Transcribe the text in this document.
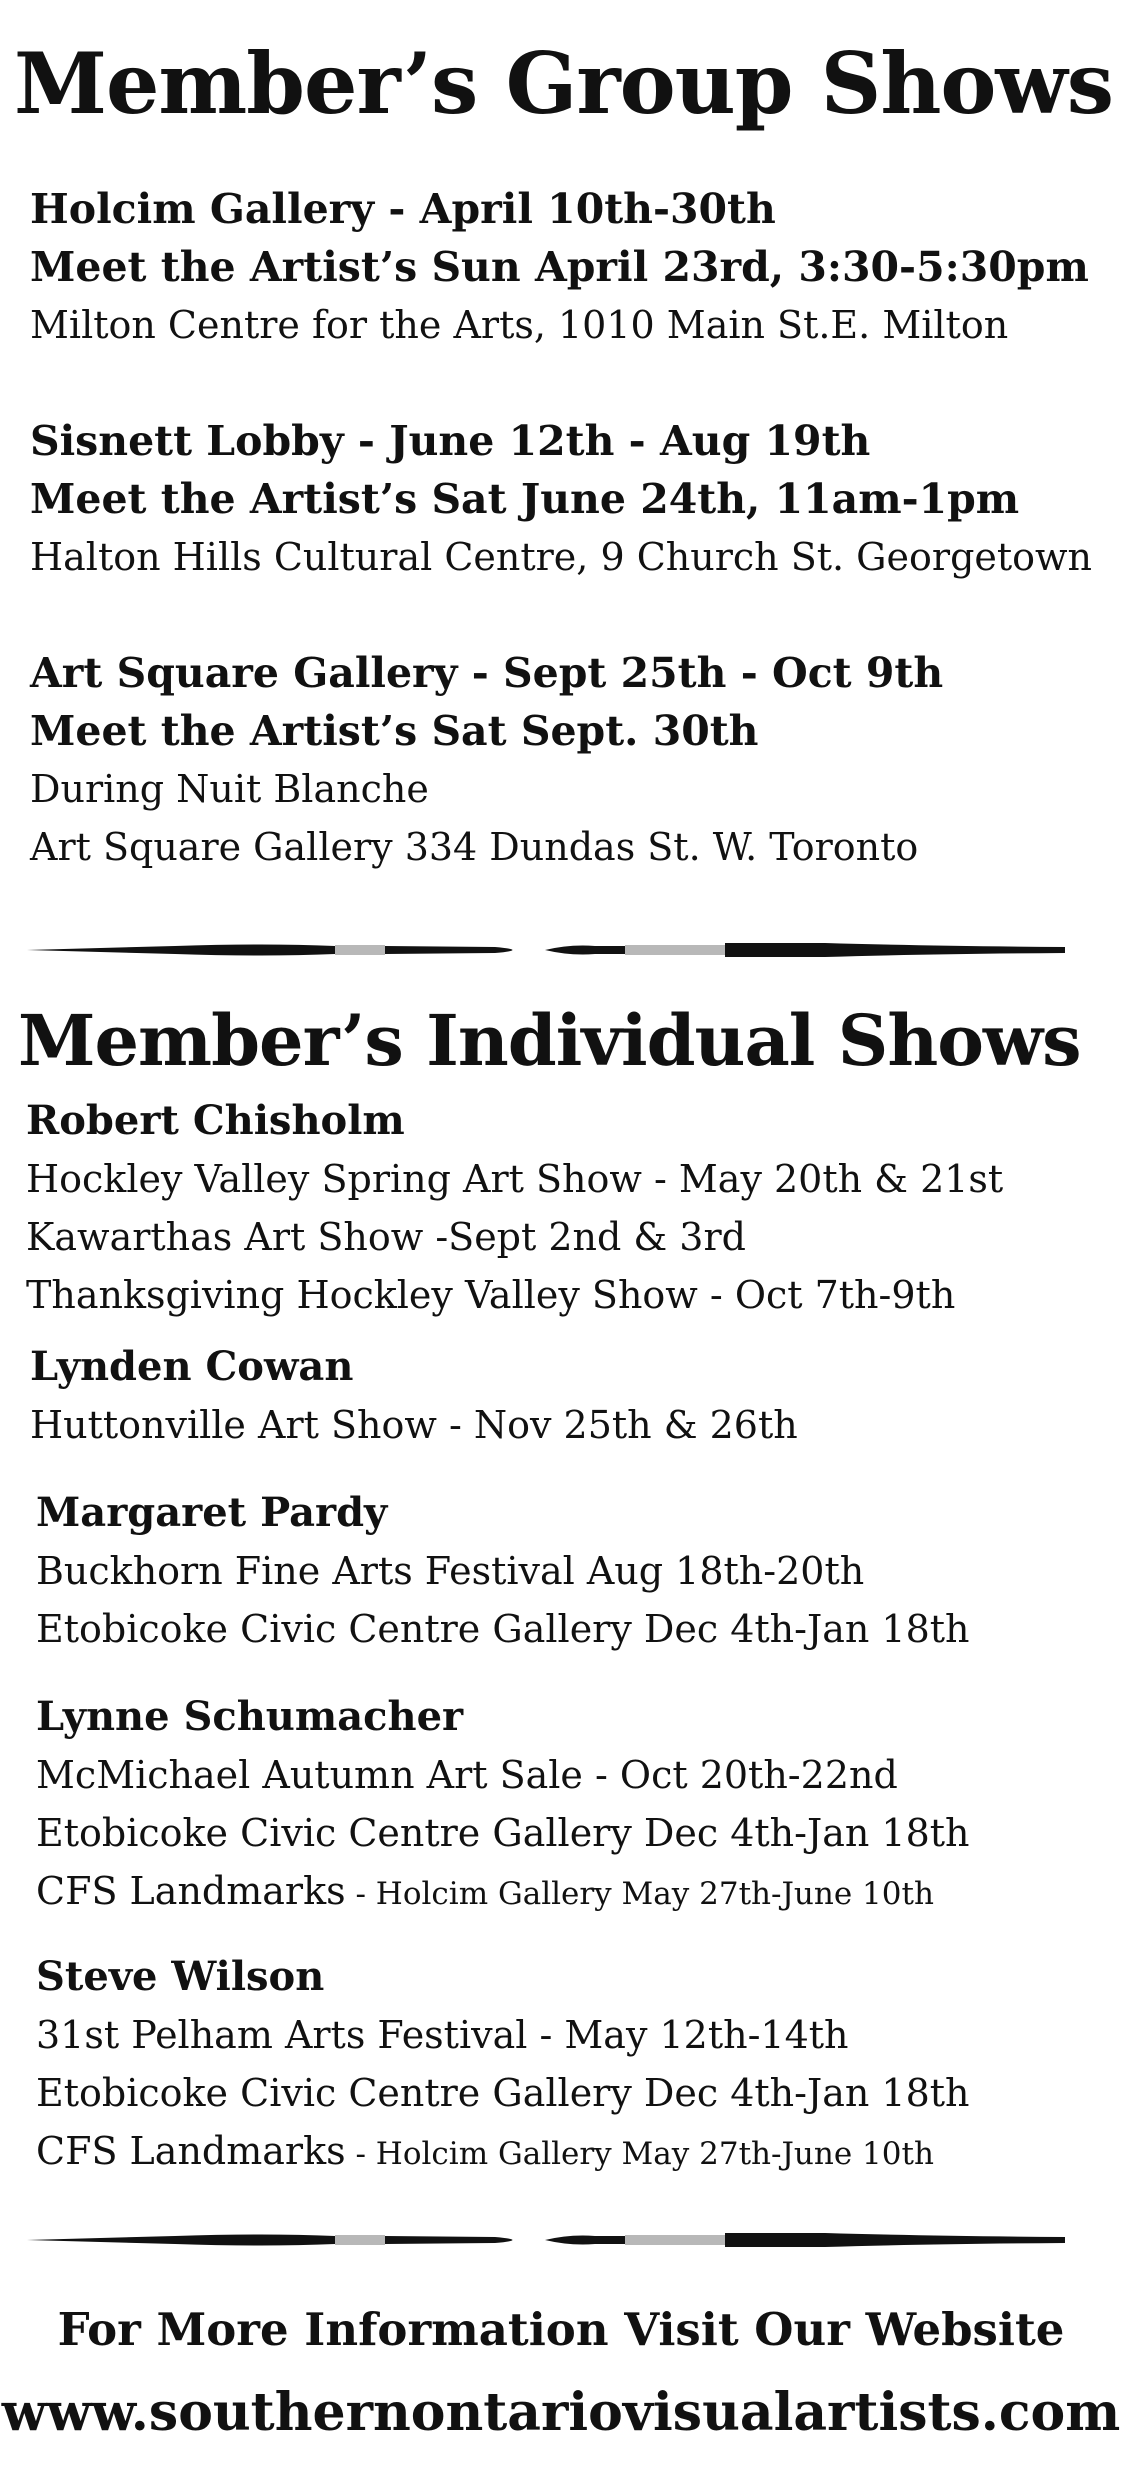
Member’s Group Shows
Holcim Gallery - April 10th-30th
Meet the Artist’s Sun April 23rd, 3:30-5:30pm
Milton Centre for the Arts, 1010 Main St.E. Milton
Sisnett Lobby - June 12th - Aug 19th
Meet the Artist’s Sat June 24th, 11am-1pm
Halton Hills Cultural Centre, 9 Church St. Georgetown
Art Square Gallery - Sept 25th - Oct 9th
Meet the Artist’s Sat Sept. 30th
During Nuit Blanche
Art Square Gallery 334 Dundas St. W. Toronto
Member’s Individual Shows
Robert Chisholm
Hockley Valley Spring Art Show - May 20th & 21st
Kawarthas Art Show -Sept 2nd & 3rd
Thanksgiving Hockley Valley Show - Oct 7th-9th
Lynden Cowan
Huttonville Art Show - Nov 25th & 26th
Margaret Pardy
Buckhorn Fine Arts Festival Aug 18th-20th
Etobicoke Civic Centre Gallery Dec 4th-Jan 18th
Lynne Schumacher
McMichael Autumn Art Sale - Oct 20th-22nd
Etobicoke Civic Centre Gallery Dec 4th-Jan 18th
CFS Landmarks - Holcim Gallery May 27th-June 10th
Steve Wilson
31st Pelham Arts Festival - May 12th-14th
Etobicoke Civic Centre Gallery Dec 4th-Jan 18th
CFS Landmarks - Holcim Gallery May 27th-June 10th
For More Information Visit Our Website
www.southernontariovisualartists.com
